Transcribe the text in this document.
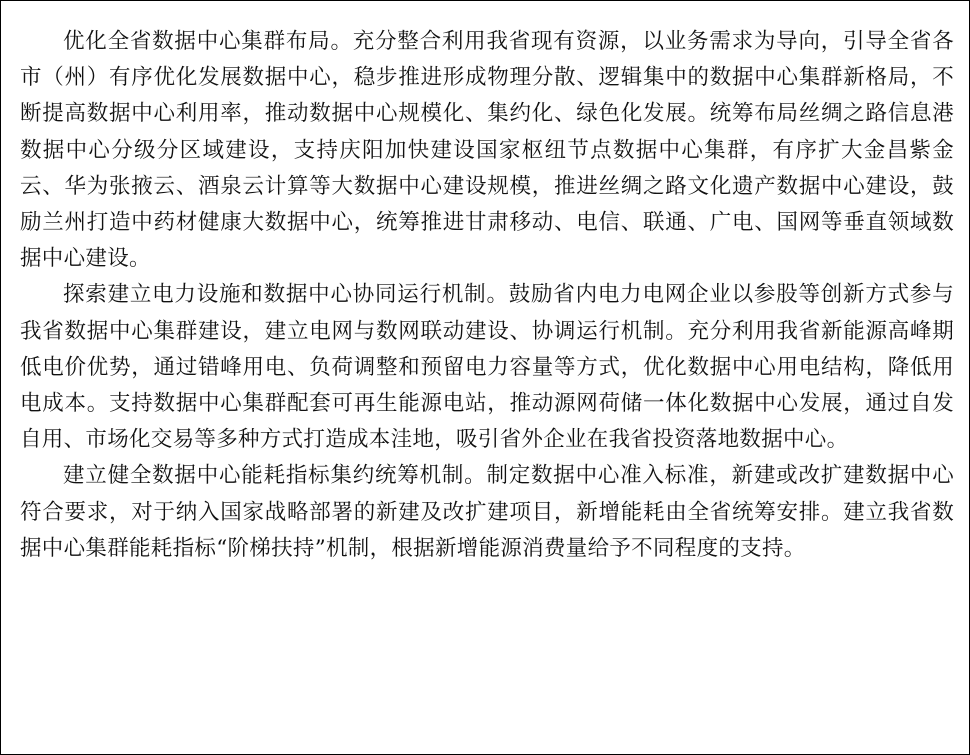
优化全省数据中心集群布局。充分整合利用我省现有资源，以业务需求为导向，引导全省各市（州）有序优化发展数据中心，稳步推进形成物理分散、逻辑集中的数据中心集群新格局，不断提高数据中心利用率，推动数据中心规模化、集约化、绿色化发展。统筹布局丝绸之路信息港数据中心分级分区域建设，支持庆阳加快建设国家枢纽节点数据中心集群，有序扩大金昌紫金云、华为张掖云、酒泉云计算等大数据中心建设规模，推进丝绸之路文化遗产数据中心建设，鼓励兰州打造中药材健康大数据中心，统筹推进甘肃移动、电信、联通、广电、国网等垂直领域数据中心建设。

探索建立电力设施和数据中心协同运行机制。鼓励省内电力电网企业以参股等创新方式参与我省数据中心集群建设，建立电网与数网联动建设、协调运行机制。充分利用我省新能源高峰期低电价优势，通过错峰用电、负荷调整和预留电力容量等方式，优化数据中心用电结构，降低用电成本。支持数据中心集群配套可再生能源电站，推动源网荷储一体化数据中心发展，通过自发自用、市场化交易等多种方式打造成本洼地，吸引省外企业在我省投资落地数据中心。

建立健全数据中心能耗指标集约统筹机制。制定数据中心准入标准，新建或改扩建数据中心符合要求，对于纳入国家战略部署的新建及改扩建项目，新增能耗由全省统筹安排。建立我省数据中心集群能耗指标“阶梯扶持”机制，根据新增能源消费量给予不同程度的支持。
